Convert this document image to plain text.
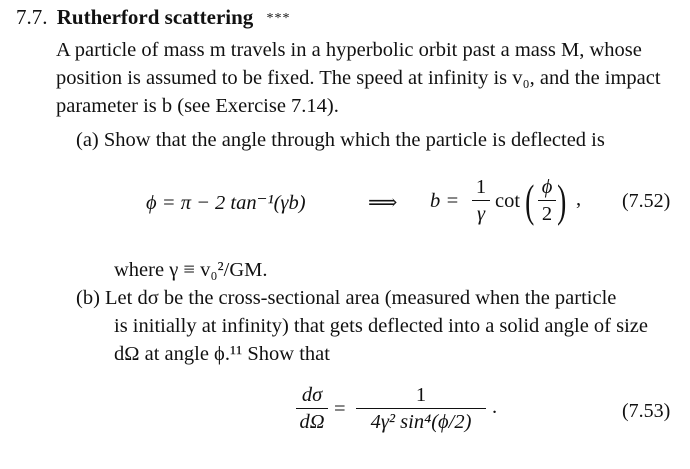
7.7. Rutherford scattering ***
A particle of mass m travels in a hyperbolic orbit past a mass M, whose
position is assumed to be fixed. The speed at infinity is v₀, and the impact
parameter is b (see Exercise 7.14).
(a) Show that the angle through which the particle is deflected is
ϕ = π − 2 tan⁻¹(γb)	⟹ b =
1
γ
cot ( ϕ
2 ) , (7.52)
where γ ≡ v₀²/GM.
(b) Let dσ be the cross-sectional area (measured when the particle
is initially at infinity) that gets deflected into a solid angle of size
dΩ at angle ϕ.¹¹ Show that
dσ
dΩ
=
1
4γ² sin⁴(ϕ/2)
.	(7.53)
